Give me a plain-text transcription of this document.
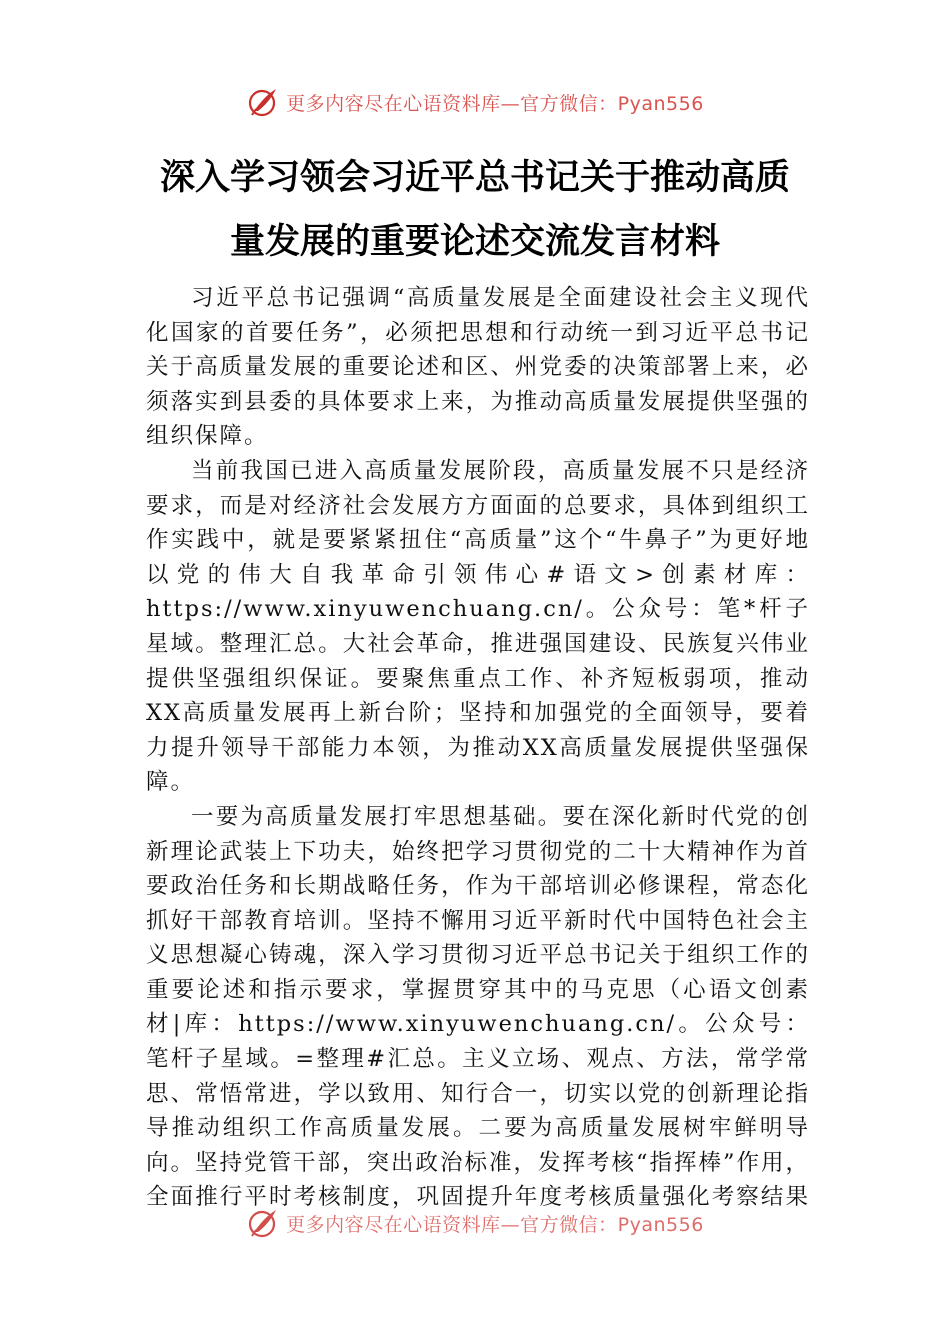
更多内容尽在心语资料库—官方微信：Pyan556
深入学习领会习近平总书记关于推动高质
量发展的重要论述交流发言材料

习近平总书记强调“高质量发展是全面建设社会主义现代化国家的首要任务”，必须把思想和行动统一到习近平总书记关于高质量发展的重要论述和区、州党委的决策部署上来，必须落实到县委的具体要求上来，为推动高质量发展提供坚强的组织保障。

当前我国已进入高质量发展阶段，高质量发展不只是经济要求，而是对经济社会发展方方面面的总要求，具体到组织工作实践中，就是要紧紧扭住“高质量”这个“牛鼻子”为更好地以党的伟大自我革命引领伟心#语文>创素材库：https://www.xinyuwenchuang.cn/。公众号：笔*杆子星域。整理汇总。大社会革命，推进强国建设、民族复兴伟业提供坚强组织保证。要聚焦重点工作、补齐短板弱项，推动XX高质量发展再上新台阶；坚持和加强党的全面领导，要着力提升领导干部能力本领，为推动XX高质量发展提供坚强保障。

一要为高质量发展打牢思想基础。要在深化新时代党的创新理论武装上下功夫，始终把学习贯彻党的二十大精神作为首要政治任务和长期战略任务，作为干部培训必修课程，常态化抓好干部教育培训。坚持不懈用习近平新时代中国特色社会主义思想凝心铸魂，深入学习贯彻习近平总书记关于组织工作的重要论述和指示要求，掌握贯穿其中的马克思（心语文创素材|库：https://www.xinyuwenchuang.cn/。公众号：笔杆子星域。=整理#汇总。主义立场、观点、方法，常学常思、常悟常进，学以致用、知行合一，切实以党的创新理论指导推动组织工作高质量发展。二要为高质量发展树牢鲜明导向。坚持党管干部，突出政治标准，发挥考核“指挥棒”作用，全面推行平时考核制度，巩固提升年度考核质量强化考察结果

更多内容尽在心语资料库—官方微信：Pyan556
